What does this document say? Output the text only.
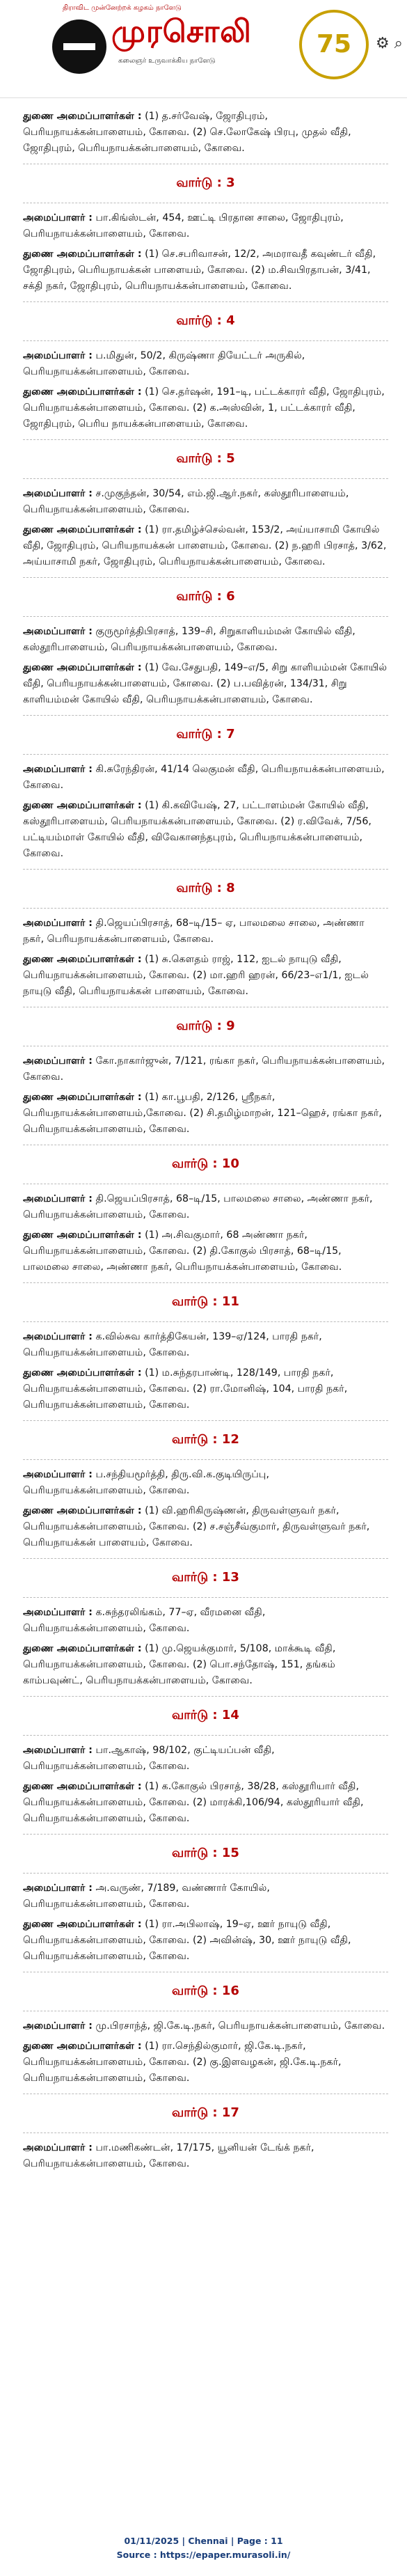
திராவிட முன்னேற்றக் கழகம் நாளேடு
முரசொலி
கலைஞர் உருவாக்கிய நாளேடு
75	⚙ ⌕
துணை அமைப்பாளர்கள் : (1) த.சர்வேஷ், ஜோதிபுரம், பெரியநாயக்கன்பாளையம், கோவை. (2) செ.லோகேஷ் பிரபு, முதல் வீதி, ஜோதிபுரம், பெரியநாயக்கன்பாளையம், கோவை.
வார்டு : 3
அமைப்பாளர் : பா.கிங்ஸ்டன், 454, ஊட்டி பிரதான சாலை, ஜோதிபுரம், பெரியநாயக்கன்பாளையம், கோவை.
துணை அமைப்பாளர்கள் : (1) செ.சபரிவாசன், 12/2, அமராவதீ கவுண்டர் வீதி, ஜோதிபுரம், பெரியநாயக்கன் பாளையம், கோவை. (2) ம.சிவபிரதாபன், 3/41, சக்தி நகர், ஜோதிபுரம், பெரியநாயக்கன்பாளையம், கோவை.
வார்டு : 4
அமைப்பாளர் : ப.மிதுன், 50/2, கிருஷ்ணா தியேட்டர் அருகில், பெரியநாயக்கன்பாளையம், கோவை.
துணை அமைப்பாளர்கள் : (1) செ.தர்ஷன், 191–டி, பட்டக்காரர் வீதி, ஜோதிபுரம், பெரியநாயக்கன்பாளையம், கோவை. (2) க.அஸ்வின், 1, பட்டக்காரர் வீதி, ஜோதிபுரம், பெரிய நாயக்கன்பாளையம், கோவை.
வார்டு : 5
அமைப்பாளர் : ச.முகுந்தன், 30/54, எம்.ஜி.ஆர்.நகர், கஸ்தூரிபாளையம், பெரியநாயக்கன்பாளையம், கோவை.
துணை அமைப்பாளர்கள் : (1) ரா.தமிழ்ச்செல்வன், 153/2, அய்யாசாமி கோயில் வீதி, ஜோதிபுரம், பெரியநாயக்கன் பாளையம், கோவை. (2) ந.ஹரி பிரசாத், 3/62, அய்யாசாமி நகர், ஜோதிபுரம், பெரியநாயக்கன்பாளையம், கோவை.
வார்டு : 6
அமைப்பாளர் : குருமூர்த்திபிரசாத், 139–சி, சிறுகாளியம்மன் கோயில் வீதி, கஸ்தூரிபாளையம், பெரியநாயக்கன்பாளையம், கோவை.
துணை அமைப்பாளர்கள் : (1) வே.சேதுபதி, 149–எ/5, சிறு காளியம்மன் கோயில் வீதி, பெரியநாயக்கன்பாளையம், கோவை. (2) ப.பவித்ரன், 134/31, சிறு காளியம்மன் கோயில் வீதி, பெரியநாயக்கன்பாளையம், கோவை.
வார்டு : 7
அமைப்பாளர் : கி.சுரேந்திரன், 41/14 லெகுமன் வீதி, பெரியநாயக்கன்பாளையம், கோவை.
துணை அமைப்பாளர்கள் : (1) கி.கவியேஷ், 27, பட்டாளம்மன் கோயில் வீதி, கஸ்தூரிபாளையம், பெரியநாயக்கன்பாளையம், கோவை. (2) ர.விவேக், 7/56, பட்டியம்மாள் கோயில் வீதி, விவேகானந்தபுரம், பெரியநாயக்கன்பாளையம், கோவை.
வார்டு : 8
அமைப்பாளர் : தி.ஜெயப்பிரசாத், 68–டி/15– ஏ, பாலமலை சாலை, அண்ணா நகர், பெரியநாயக்கன்பாளையம், கோவை.
துணை அமைப்பாளர்கள் : (1) சு.கௌதம் ராஜ், 112, ஐடல் நாயுடு வீதி, பெரியநாயக்கன்பாளையம், கோவை. (2) மா.ஹரி ஹரன், 66/23–எ1/1, ஐடல் நாயுடு வீதி, பெரியநாயக்கன் பாளையம், கோவை.
வார்டு : 9
அமைப்பாளர் : கோ.நாகார்ஜுன், 7/121, ரங்கா நகர், பெரியநாயக்கன்பாளையம், கோவை.
துணை அமைப்பாளர்கள் : (1) கா.பூபதி, 2/126, ஸ்ரீநகர், பெரியநாயக்கன்பாளையம்,கோவை. (2) சி.தமிழ்மாறன், 121–ஹெச், ரங்கா நகர், பெரியநாயக்கன்பாளையம், கோவை.
வார்டு : 10
அமைப்பாளர் : தி.ஜெயப்பிரசாத், 68–டி/15, பாலமலை சாலை, அண்ணா நகர், பெரியநாயக்கன்பாளையம், கோவை.
துணை அமைப்பாளர்கள் : (1) அ.சிவகுமார், 68 அண்ணா நகர், பெரியநாயக்கன்பாளையம், கோவை. (2) தி.கோகுல் பிரசாத், 68–டி/15, பாலமலை சாலை, அண்ணா நகர், பெரியநாயக்கன்பாளையம், கோவை.
வார்டு : 11
அமைப்பாளர் : க.வில்சுவ கார்த்திகேயன், 139–ஏ/124, பாரதி நகர், பெரியநாயக்கன்பாளையம், கோவை.
துணை அமைப்பாளர்கள் : (1) ம.சுந்தரபாண்டி, 128/149, பாரதி நகர், பெரியநாயக்கன்பாளையம், கோவை. (2) ரா.மோனிஷ், 104, பாரதி நகர், பெரியநாயக்கன்பாளையம், கோவை.
வார்டு : 12
அமைப்பாளர் : ப.சந்தியமூர்த்தி, திரு.வி.க.குடியிருப்பு, பெரியநாயக்கன்பாளையம், கோவை.
துணை அமைப்பாளர்கள் : (1) வி.ஹரிகிருஷ்ணன், திருவள்ளுவர் நகர், பெரியநாயக்கன்பாளையம், கோவை. (2) ச.சஞ்சீவ்குமார், திருவள்ளுவர் நகர், பெரியநாயக்கன் பாளையம், கோவை.
வார்டு : 13
அமைப்பாளர் : க.சுந்தரலிங்கம், 77–ஏ, வீரமனை வீதி, பெரியநாயக்கன்பாளையம், கோவை.
துணை அமைப்பாளர்கள் : (1) மு.ஜெயக்குமார், 5/108, மாக்கூடி வீதி, பெரியநாயக்கன்பாளையம், கோவை. (2) பொ.சந்தோஷ், 151, தங்கம் காம்பவுண்ட், பெரியநாயக்கன்பாளையம், கோவை.
வார்டு : 14
அமைப்பாளர் : பா.ஆகாஷ், 98/102, குட்டியப்பன் வீதி, பெரியநாயக்கன்பாளையம், கோவை.
துணை அமைப்பாளர்கள் : (1) க.கோகுல் பிரசாத், 38/28, கஸ்தூரியார் வீதி, பெரியநாயக்கன்பாளையம், கோவை. (2) மாரக்கி,106/94, கஸ்தூரியார் வீதி, பெரியநாயக்கன்பாளையம், கோவை.
வார்டு : 15
அமைப்பாளர் : அ.வருண், 7/189, வண்ணார் கோயில், பெரியநாயக்கன்பாளையம், கோவை.
துணை அமைப்பாளர்கள் : (1) ரா.அபிலாஷ், 19–ஏ, ஊர் நாயுடு வீதி, பெரியநாயக்கன்பாளையம், கோவை. (2) அவின்ஷ், 30, ஊர் நாயுடு வீதி, பெரியநாயக்கன்பாளையம், கோவை.
வார்டு : 16
அமைப்பாளர் : மு.பிரசாந்த், ஜி.கே.டி.நகர், பெரியநாயக்கன்பாளையம், கோவை.
துணை அமைப்பாளர்கள் : (1) ரா.செந்தில்குமார், ஜி.கே.டி.நகர், பெரியநாயக்கன்பாளையம், கோவை. (2) கு.இளவழகன், ஜி.கே.டி.நகர், பெரியநாயக்கன்பாளையம், கோவை.
வார்டு : 17
அமைப்பாளர் : பா.மணிகண்டன், 17/175, யூனியன் டேங்க் நகர், பெரியநாயக்கன்பாளையம், கோவை.
01/11/2025 | Chennai | Page : 11
Source : https://epaper.murasoli.in/
